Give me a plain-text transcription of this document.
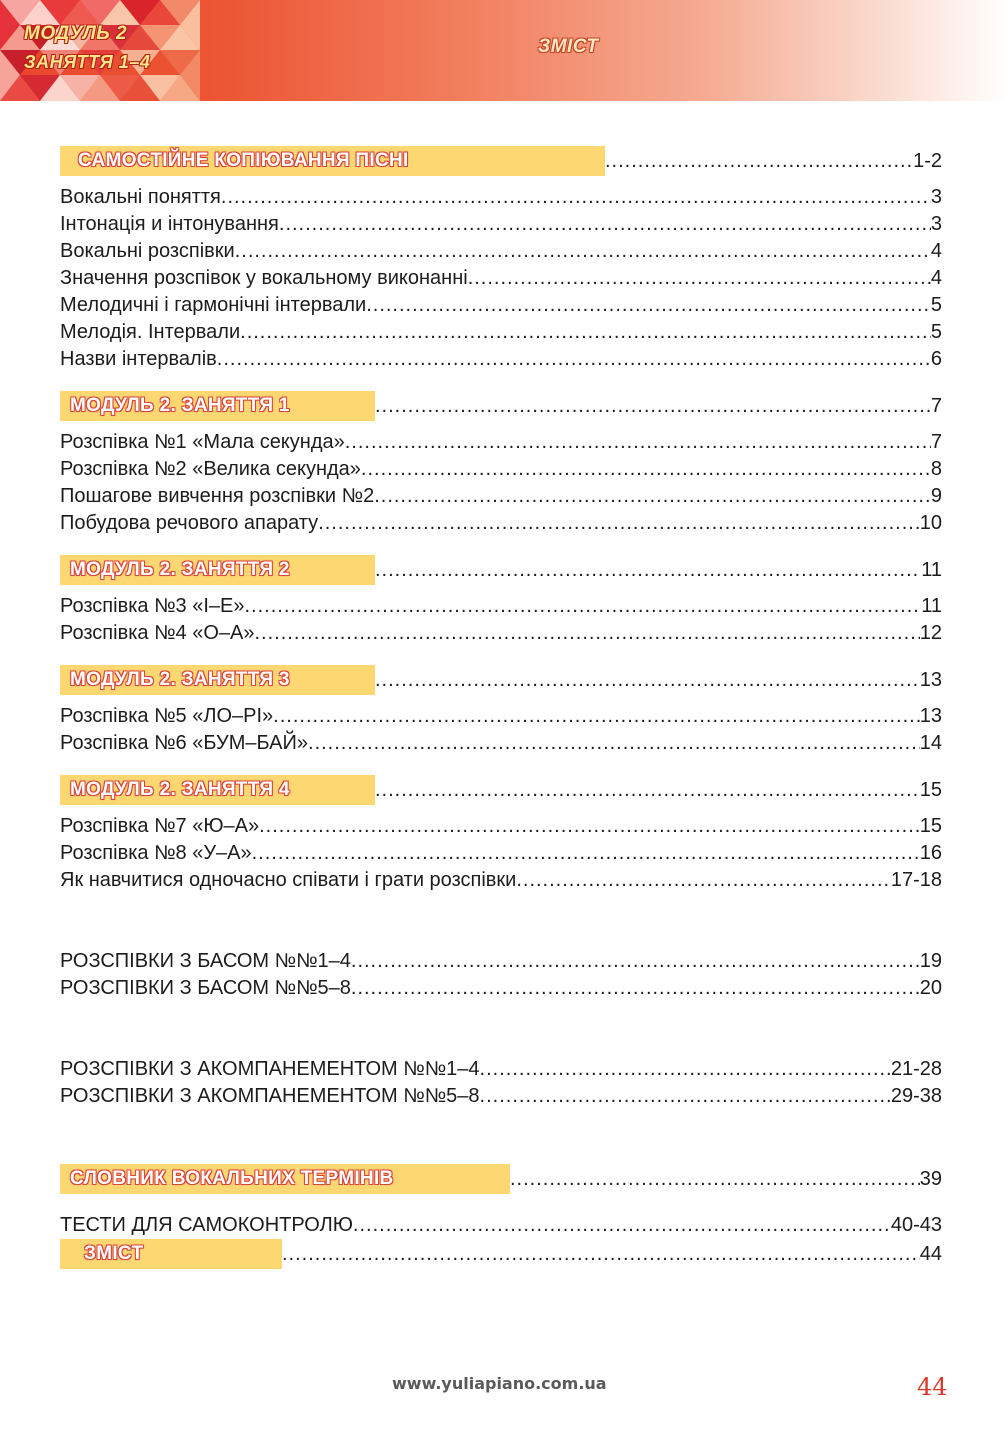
МОДУЛЬ 2
ЗАНЯТТЯ 1–4
ЗМІСТ
САМОСТІЙНЕ КОПІЮВАННЯ ПІСНІ .....	1-2
Вокальні поняття .....	3
Інтонація и інтонування .....	3
Вокальні розспівки .....	4
Значення розспівок у вокальному виконанні .....	4
Мелодичні і гармонічні інтервали .....	5
Мелодія. Інтервали .....	5
Назви інтервалів .....	6
МОДУЛЬ 2. ЗАНЯТТЯ 1 .....	7
Розспівка №1 «Мала секунда» .....	7
Розспівка №2 «Велика секунда» .....	8
Пошагове вивчення розспівки №2 .....	9
Побудова речового апарату .....	10
МОДУЛЬ 2. ЗАНЯТТЯ 2 .....	11
Розспівка №3 «І–Е» .....	11
Розспівка №4 «О–А» .....	12
МОДУЛЬ 2. ЗАНЯТТЯ 3 .....	13
Розспівка №5 «ЛО–РІ» .....	13
Розспівка №6 «БУМ–БАЙ» .....	14
МОДУЛЬ 2. ЗАНЯТТЯ 4 .....	15
Розспівка №7 «Ю–А» .....	15
Розспівка №8 «У–А» .....	16
Як навчитися одночасно співати і грати розспівки .....	17-18
РОЗСПІВКИ З БАСОМ №№1–4 .....	19
РОЗСПІВКИ З БАСОМ №№5–8 .....	20
РОЗСПІВКИ З АКОМПАНЕМЕНТОМ №№1–4 .....	21-28
РОЗСПІВКИ З АКОМПАНЕМЕНТОМ №№5–8 .....	29-38
СЛОВНИК ВОКАЛЬНИХ ТЕРМІНІВ .....	39
ТЕСТИ ДЛЯ САМОКОНТРОЛЮ .....	40-43
ЗМІСТ .....	44
www.yuliapiano.com.ua	44
